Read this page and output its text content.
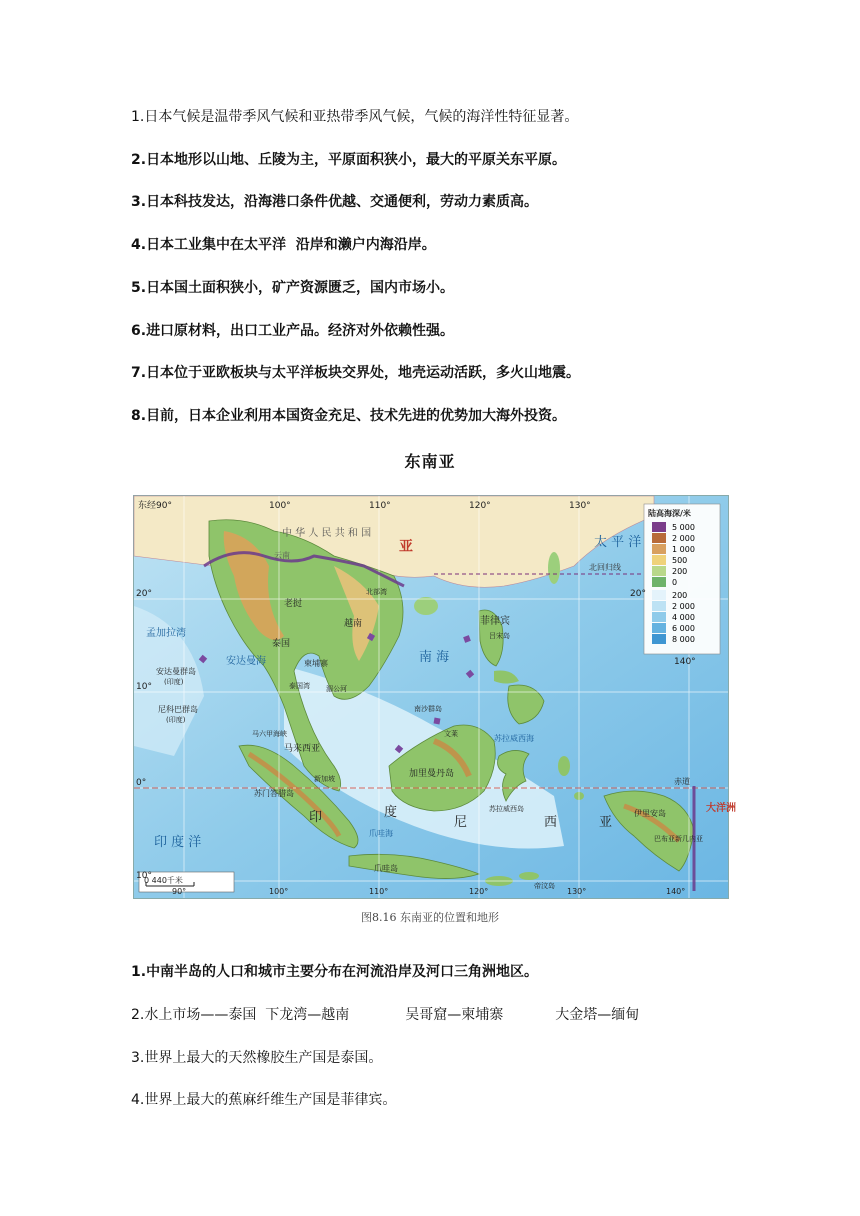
1.日本气候是温带季风气候和亚热带季风气候，气候的海洋性特征显著。
2.日本地形以山地、丘陵为主，平原面积狭小，最大的平原关东平原。
3.日本科技发达，沿海港口条件优越、交通便利，劳动力素质高。
4.日本工业集中在太平洋  沿岸和濑户内海沿岸。
5.日本国土面积狭小，矿产资源匮乏，国内市场小。
6.进口原材料，出口工业产品。经济对外依赖性强。
7.日本位于亚欧板块与太平洋板块交界处，地壳运动活跃，多火山地震。
8.目前，日本企业利用本国资金充足、技术先进的优势加大海外投资。
东南亚
5 000
2 000
1 000
500
200
0
200
2 000
4 000
6 000
8 000
东经90°	100°	110°	120°	130°
20°
10°
0°
10°
20°
140°
90°	100°	110°	120°	130°	140°
中 华 人 民 共 和 国
亚
云南
北回归线
太 平 洋
孟加拉湾
安达曼群岛
(印度)
安达曼海
尼科巴群岛
(印度)
老挝
泰国
柬埔寨
越南
北部湾
泰国湾 湄公河
南 海
菲律宾
吕宋岛
马来西亚
马六甲海峡
新加坡
文莱	苏拉威西海
加里曼丹岛
苏门答腊岛
印	度
尼	西	亚
爪哇海
爪哇岛
苏拉威西岛
帝汶岛
南沙群岛
印 度 洋
赤道
大洋洲
伊里安岛
巴布亚新几内亚
0 440千米
陆高海深/米
图8.16 东南亚的位置和地形
1.中南半岛的人口和城市主要分布在河流沿岸及河口三角洲地区。
2.水上市场——泰国  下龙湾—越南	吴哥窟—柬埔寨	大金塔—缅甸
3.世界上最大的天然橡胶生产国是泰国。
4.世界上最大的蕉麻纤维生产国是菲律宾。
